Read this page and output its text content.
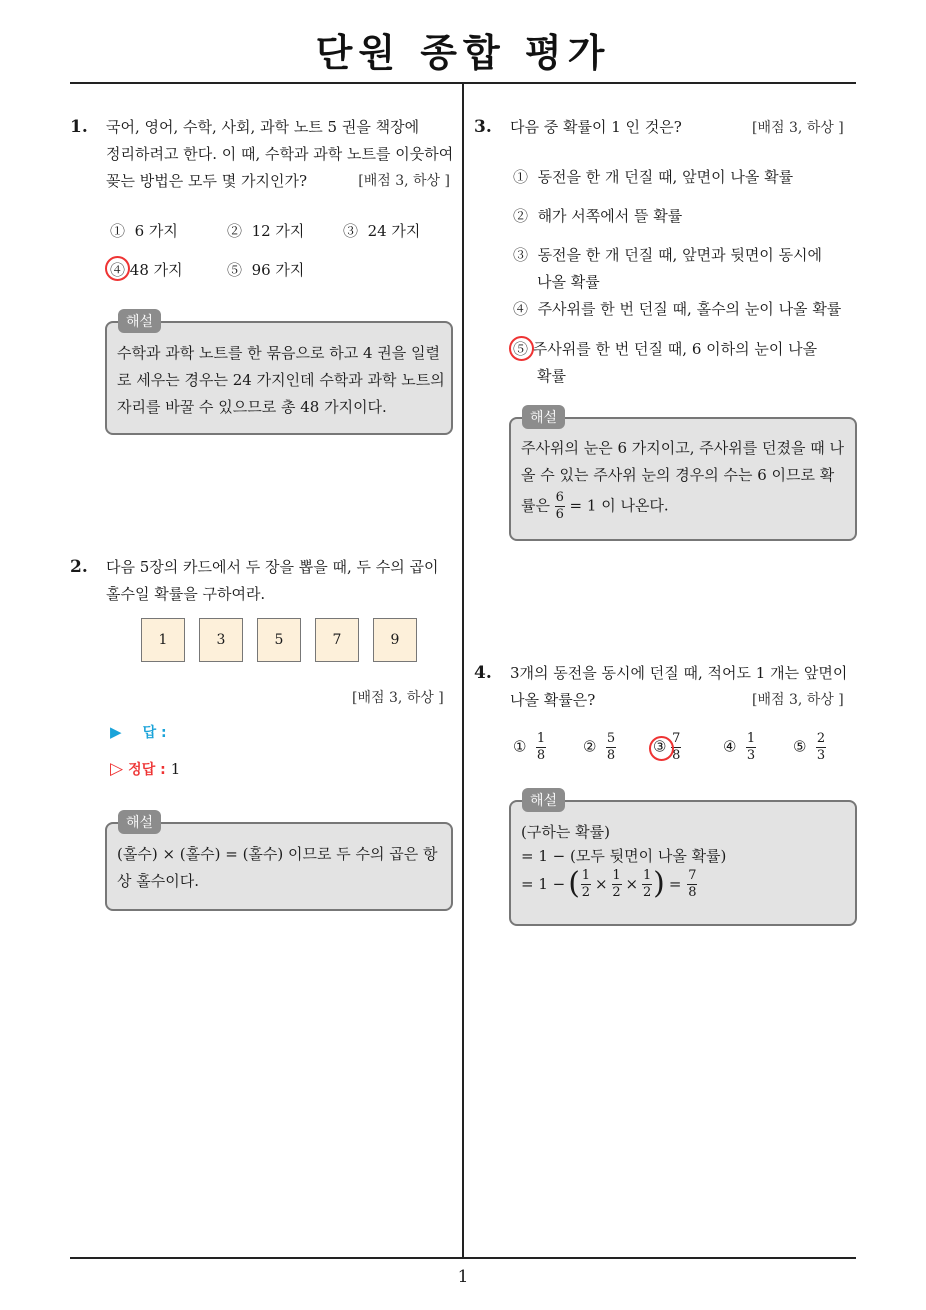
단원 종합 평가
1
1. 국어, 영어, 수학, 사회, 과학 노트 5 권을 책장에
정리하려고 한다. 이 때, 수학과 과학 노트를 이웃하여
꽂는 방법은 모두 몇 가지인가?	[배점 3, 하상 ]
① 6 가지	② 12 가지	③ 24 가지
④ 48 가지	⑤ 96 가지
해설
수학과 과학 노트를 한 묶음으로 하고 4 권을 일렬
로 세우는 경우는 24 가지인데 수학과 과학 노트의
자리를 바꿀 수 있으므로 총 48 가지이다.
2. 다음 5장의 카드에서 두 장을 뽑을 때, 두 수의 곱이
홀수일 확률을 구하여라.
1	3	5	7	9
[배점 3, 하상 ]
▶ 답 :
▷ 정답 : 1
해설
(홀수) × (홀수) = (홀수) 이므로 두 수의 곱은 항
상 홀수이다.
3. 다음 중 확률이 1 인 것은?	[배점 3, 하상 ]
① 동전을 한 개 던질 때, 앞면이 나올 확률
② 해가 서쪽에서 뜰 확률
③ 동전을 한 개 던질 때, 앞면과 뒷면이 동시에
나올 확률
④ 주사위를 한 번 던질 때, 홀수의 눈이 나올 확률
⑤ 주사위를 한 번 던질 때, 6 이하의 눈이 나올
확률
해설
주사위의 눈은 6 가지이고, 주사위를 던졌을 때 나
올 수 있는 주사위 눈의 경우의 수는 6 이므로 확
률은 $\frac{6}{6} = 1$ 이 나온다.
4. 3개의 동전을 동시에 던질 때, 적어도 1 개는 앞면이
나올 확률은?	[배점 3, 하상 ]
① $\frac{1}{8}$ ② $\frac{5}{8}$ ③ $\frac{7}{8}$	④ $\frac{1}{3}$ ⑤ $\frac{2}{3}$
해설
(구하는 확률)
= 1 − (모두 뒷면이 나올 확률)
= 1 − ( $\frac{1}{2} \times \frac{1}{2} \times \frac{1}{2}$ ) = $\frac{7}{8}$
